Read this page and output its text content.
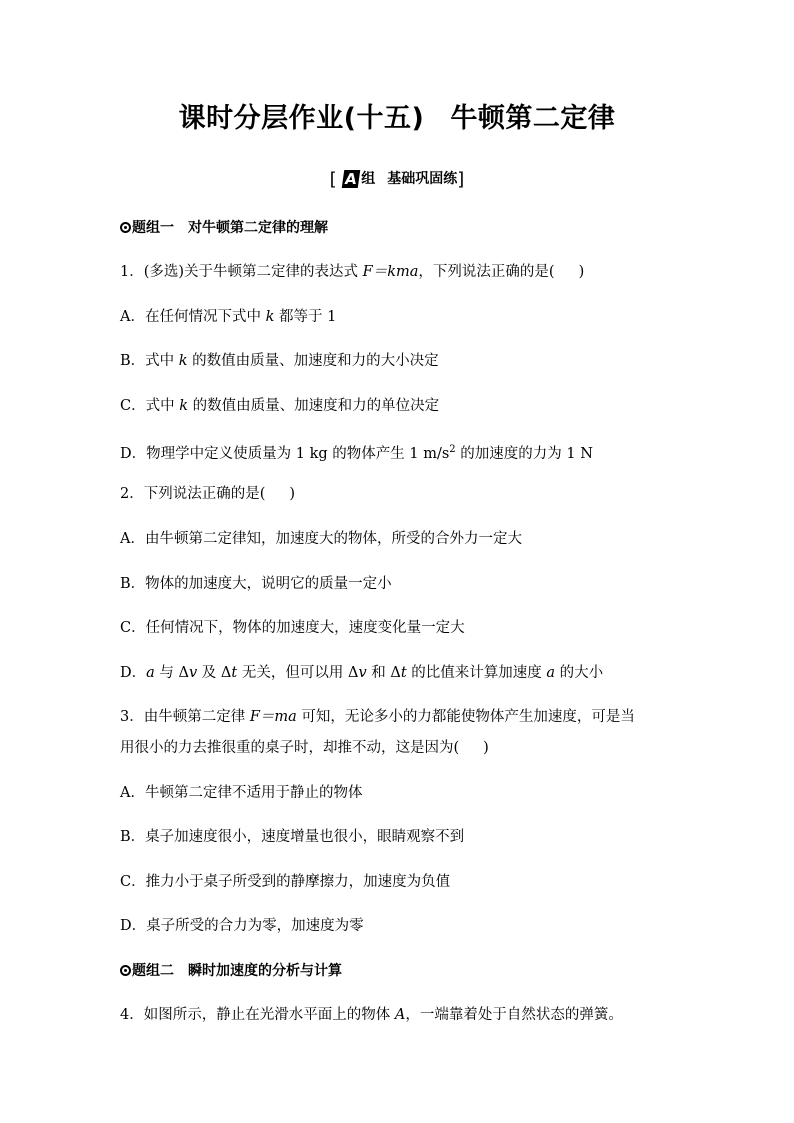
课时分层作业(十五) 牛顿第二定律
[ A 组 基础巩固练]
题组一 对牛顿第二定律的理解
1．(多选)关于牛顿第二定律的表达式 F＝kma，下列说法正确的是( )
A．在任何情况下式中 k 都等于 1
B．式中 k 的数值由质量、加速度和力的大小决定
C．式中 k 的数值由质量、加速度和力的单位决定
D．物理学中定义使质量为 1 kg 的物体产生 1 $m/s^2$ 的加速度的力为 1 N
2．下列说法正确的是( )
A．由牛顿第二定律知，加速度大的物体，所受的合外力一定大
B．物体的加速度大，说明它的质量一定小
C．任何情况下，物体的加速度大，速度变化量一定大
D．a 与 Δv 及 Δt 无关，但可以用 Δv 和 Δt 的比值来计算加速度 a 的大小
3．由牛顿第二定律 F＝ma 可知，无论多小的力都能使物体产生加速度，可是当
用很小的力去推很重的桌子时，却推不动，这是因为( )
A．牛顿第二定律不适用于静止的物体
B．桌子加速度很小，速度增量也很小，眼睛观察不到
C．推力小于桌子所受到的静摩擦力，加速度为负值
D．桌子所受的合力为零，加速度为零
题组二 瞬时加速度的分析与计算
4．如图所示，静止在光滑水平面上的物体 A，一端靠着处于自然状态的弹簧。
